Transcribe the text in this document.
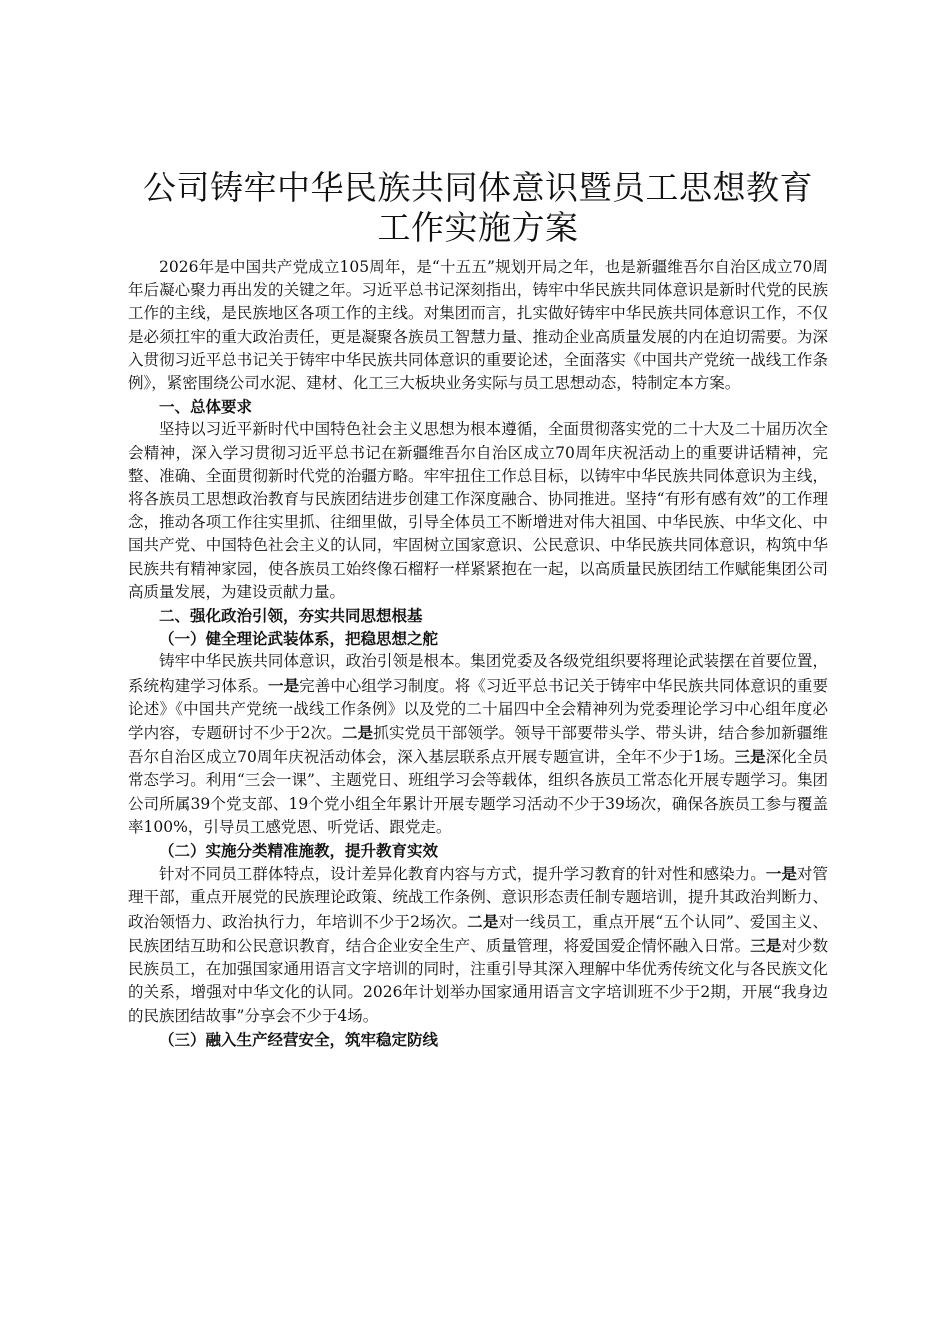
公司铸牢中华民族共同体意识暨员工思想教育工作实施方案

2026年是中国共产党成立105周年，是“十五五”规划开局之年，也是新疆维吾尔自治区成立70周年后凝心聚力再出发的关键之年。习近平总书记深刻指出，铸牢中华民族共同体意识是新时代党的民族工作的主线，是民族地区各项工作的主线。对集团而言，扎实做好铸牢中华民族共同体意识工作，不仅是必须扛牢的重大政治责任，更是凝聚各族员工智慧力量、推动企业高质量发展的内在迫切需要。为深入贯彻习近平总书记关于铸牢中华民族共同体意识的重要论述，全面落实《中国共产党统一战线工作条例》，紧密围绕公司水泥、建材、化工三大板块业务实际与员工思想动态，特制定本方案。

一、总体要求

坚持以习近平新时代中国特色社会主义思想为根本遵循，全面贯彻落实党的二十大及二十届历次全会精神，深入学习贯彻习近平总书记在新疆维吾尔自治区成立70周年庆祝活动上的重要讲话精神，完整、准确、全面贯彻新时代党的治疆方略。牢牢扭住工作总目标，以铸牢中华民族共同体意识为主线，将各族员工思想政治教育与民族团结进步创建工作深度融合、协同推进。坚持“有形有感有效”的工作理念，推动各项工作往实里抓、往细里做，引导全体员工不断增进对伟大祖国、中华民族、中华文化、中国共产党、中国特色社会主义的认同，牢固树立国家意识、公民意识、中华民族共同体意识，构筑中华民族共有精神家园，使各族员工始终像石榴籽一样紧紧抱在一起，以高质量民族团结工作赋能集团公司高质量发展，为建设贡献力量。

二、强化政治引领，夯实共同思想根基

（一）健全理论武装体系，把稳思想之舵

铸牢中华民族共同体意识，政治引领是根本。集团党委及各级党组织要将理论武装摆在首要位置，系统构建学习体系。一是完善中心组学习制度。将《习近平总书记关于铸牢中华民族共同体意识的重要论述》《中国共产党统一战线工作条例》以及党的二十届四中全会精神列为党委理论学习中心组年度必学内容，专题研讨不少于2次。二是抓实党员干部领学。领导干部要带头学、带头讲，结合参加新疆维吾尔自治区成立70周年庆祝活动体会，深入基层联系点开展专题宣讲，全年不少于1场。三是深化全员常态学习。利用“三会一课”、主题党日、班组学习会等载体，组织各族员工常态化开展专题学习。集团公司所属39个党支部、19个党小组全年累计开展专题学习活动不少于39场次，确保各族员工参与覆盖率100%，引导员工感党恩、听党话、跟党走。

（二）实施分类精准施教，提升教育实效

针对不同员工群体特点，设计差异化教育内容与方式，提升学习教育的针对性和感染力。一是对管理干部，重点开展党的民族理论政策、统战工作条例、意识形态责任制专题培训，提升其政治判断力、政治领悟力、政治执行力，年培训不少于2场次。二是对一线员工，重点开展“五个认同”、爱国主义、民族团结互助和公民意识教育，结合企业安全生产、质量管理，将爱国爱企情怀融入日常。三是对少数民族员工，在加强国家通用语言文字培训的同时，注重引导其深入理解中华优秀传统文化与各民族文化的关系，增强对中华文化的认同。2026年计划举办国家通用语言文字培训班不少于2期，开展“我身边的民族团结故事”分享会不少于4场。

（三）融入生产经营安全，筑牢稳定防线
